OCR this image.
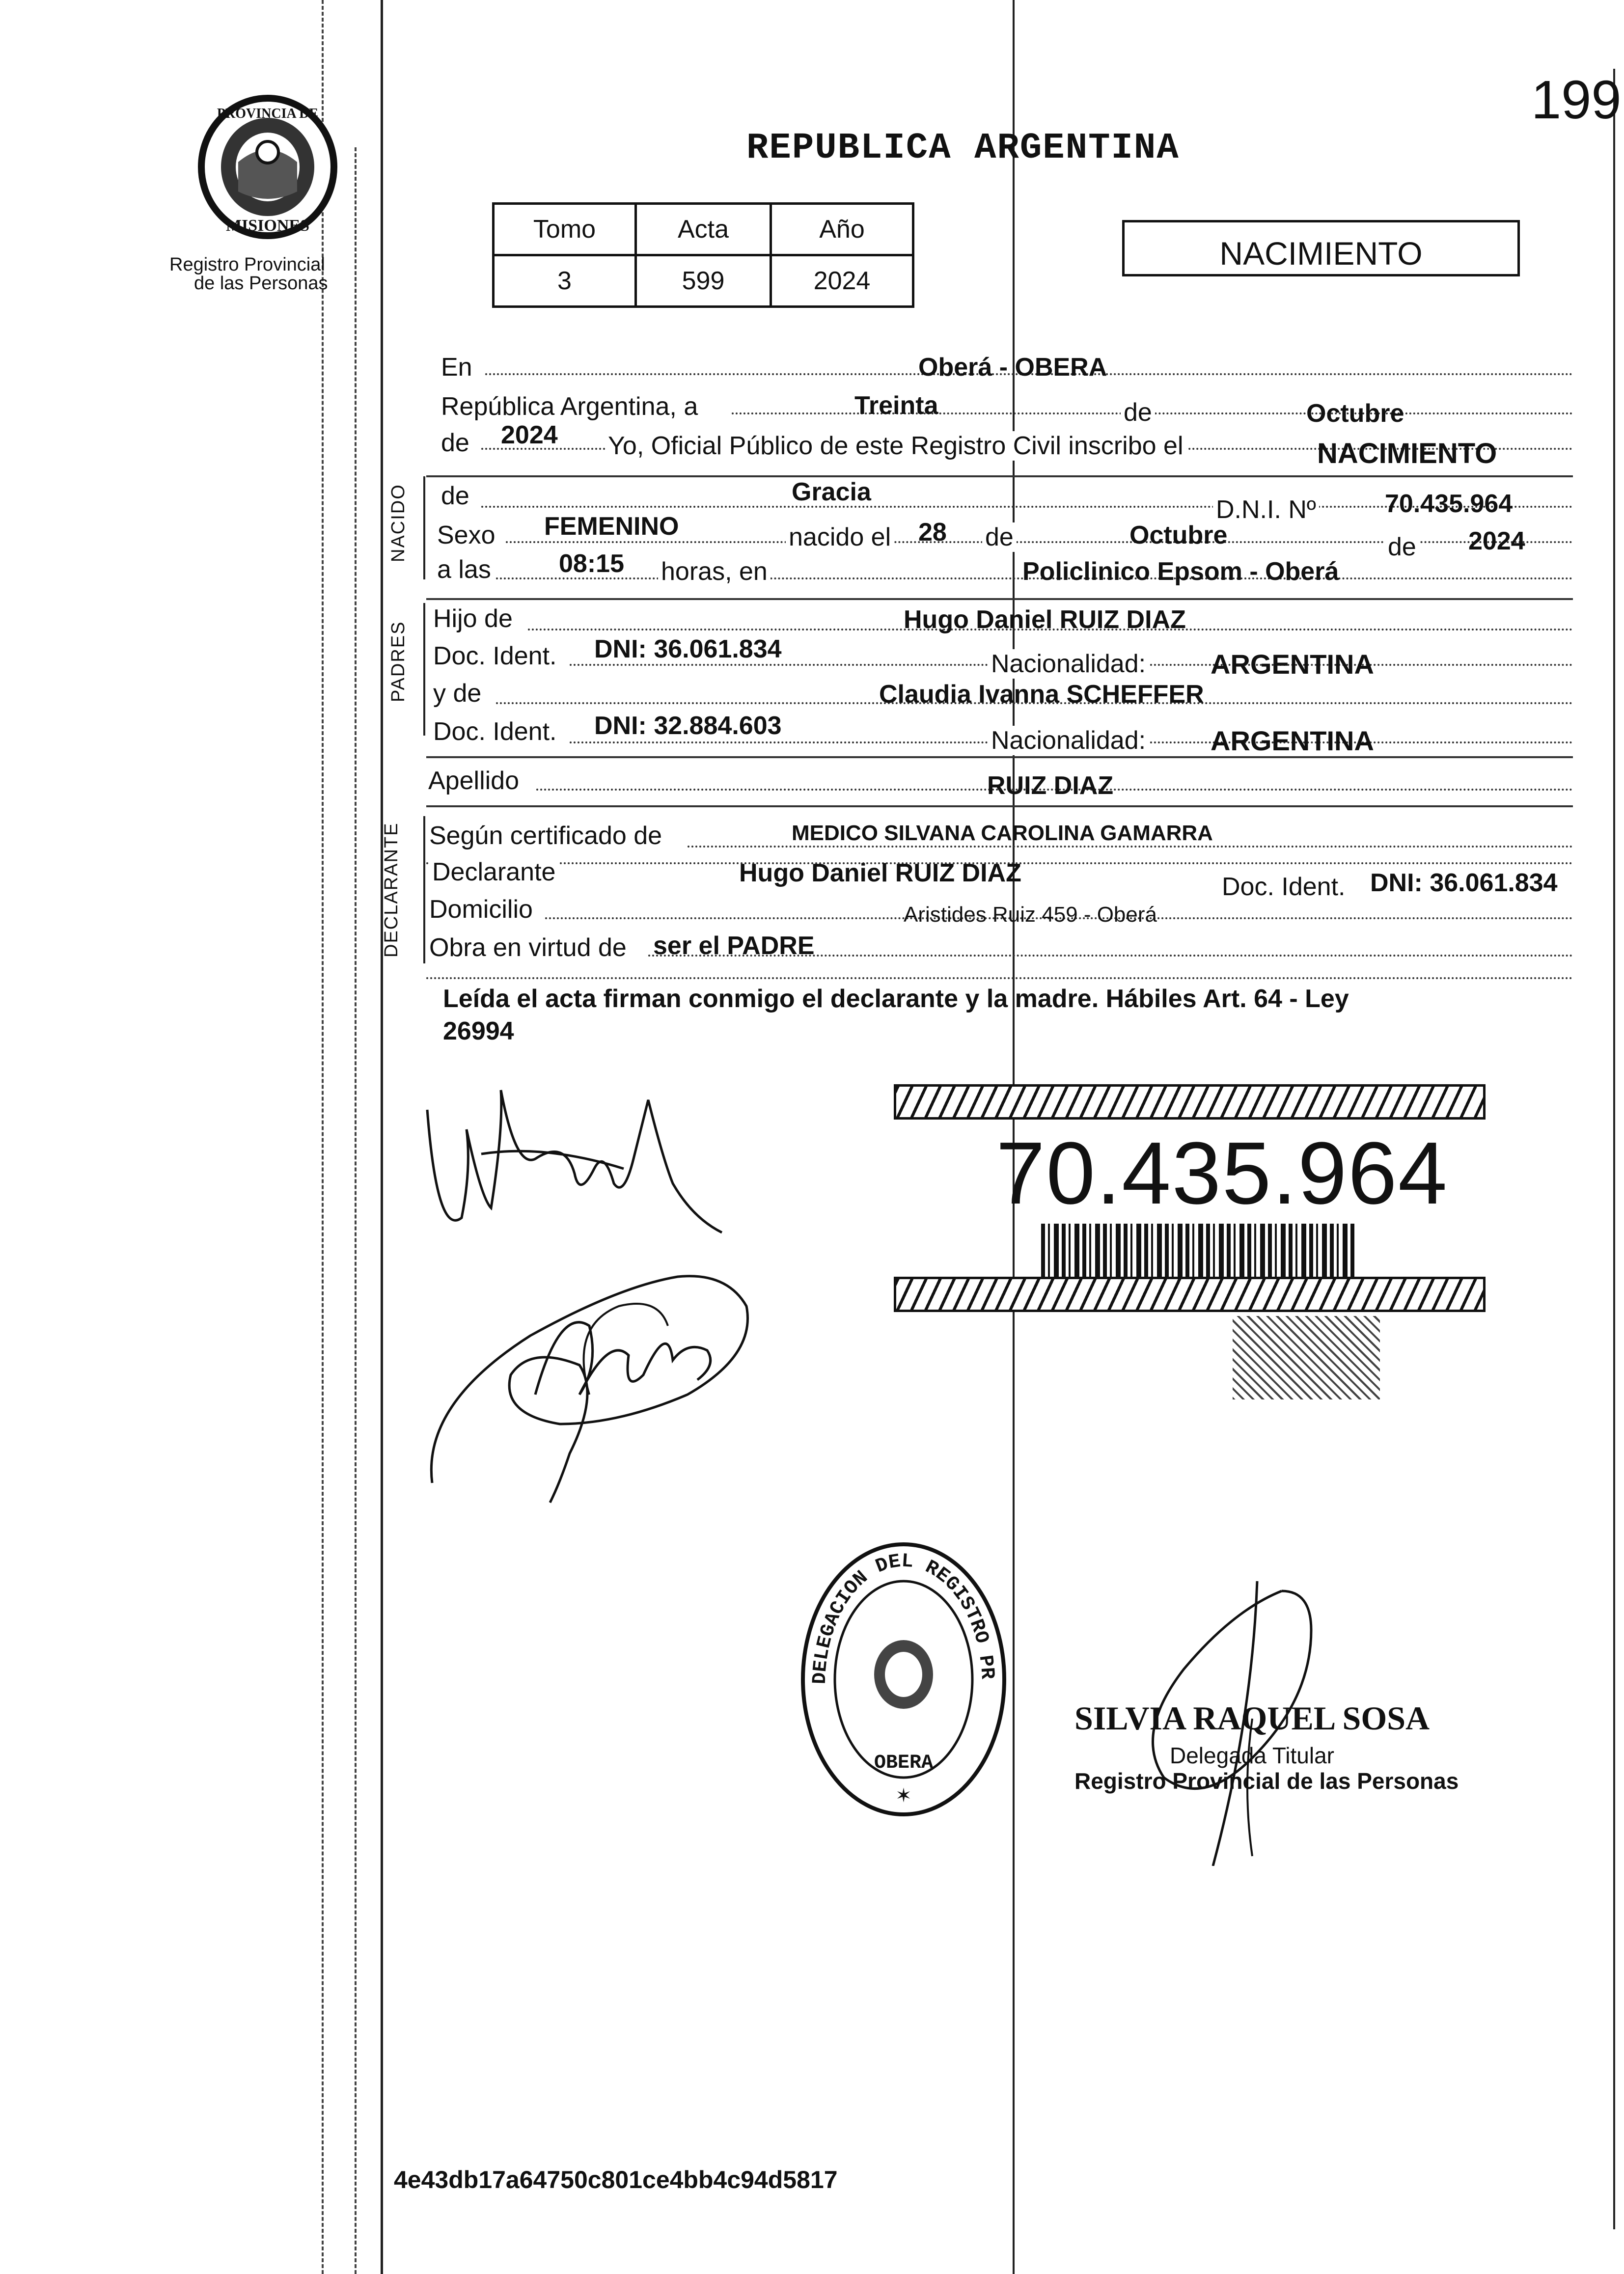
199
PROVINCIA DE
MISIONES
Registro Provincial
de las Personas
REPUBLICA ARGENTINA
Tomo	Acta	Año
3	599	2024
NACIMIENTO
En	Oberá - OBERA
República Argentina, a	Treinta	de	Octubre
de 2024 Yo, Oficial Público de este Registro Civil inscribo el	NACIMIENTO
NACIDO de	Gracia
D.N.I. Nº	70.435.964
Sexo FEMENINO	nacido el 28 de	Octubre	de 2024
a las	08:15 horas, en	Policlinico Epsom - Oberá
PADRES
Hijo de	Hugo Daniel RUIZ DIAZ
Doc. Ident. DNI: 36.061.834
Nacionalidad: ARGENTINA
y de	Claudia Ivanna SCHEFFER
Doc. Ident. DNI: 32.884.603
Nacionalidad: ARGENTINA
Apellido	RUIZ DIAZ
DECLARANTE Según certificado de	MEDICO SILVANA CAROLINA GAMARRA
Declarante	Hugo Daniel RUIZ DIAZ	Doc. Ident. DNI: 36.061.834
Domicilio	Aristides Ruiz 459 - Oberá
Obra en virtud de ser el PADRE
Leída el acta firman conmigo el declarante y la madre. Hábiles Art. 64 - Ley
26994
70.435.964
DELEGACION DEL REGISTRO PR
OBERA
✶
SILVIA RAQUEL SOSA
Delegada Titular
Registro Provincial de las Personas
4e43db17a64750c801ce4bb4c94d5817
